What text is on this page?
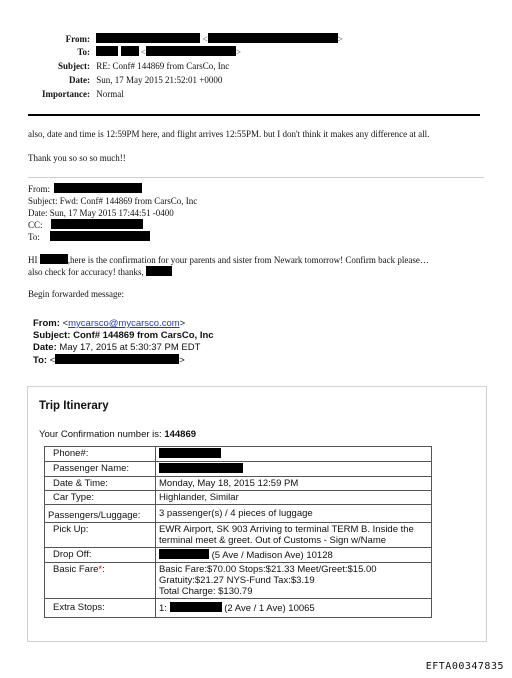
From:	<	>
To:	<	>
Subject: RE: Conf# 144869 from CarsCo, Inc
Date: Sun, 17 May 2015 21:52:01 +0000
Importance: Normal
also, date and time is 12:59PM here, and flight arrives 12:55PM. but I don't think it makes any difference at all.
Thank you so so so much!!
From:
Subject: Fwd: Conf# 144869 from CarsCo, Inc
Date: Sun, 17 May 2015 17:44:51 -0400
CC:
To:
HI	,here is the confirmation for your parents and sister from Newark tomorrow! Confirm back please…
also check for accuracy! thanks,
Begin forwarded message:
From: <mycarsco@mycarsco.com>
Subject: Conf# 144869 from CarsCo, Inc
Date: May 17, 2015 at 5:30:37 PM EDT
To: <	>
Trip Itinerary
Your Confirmation number is: 144869
Phone#:	
Passenger Name:	
Date & Time:	Monday, May 18, 2015 12:59 PM
Car Type:	Highlander, Similar
Passengers/Luggage:	3 passenger(s) / 4 pieces of luggage
Pick Up:	EWR Airport, SK 903 Arriving to terminal TERM B. Inside the
terminal meet & greet. Out of Customs - Sign w/Name

Drop Off:	(5 Ave / Madison Ave) 10128
Basic Fare*:	Basic Fare:$70.00 Stops:$21.33 Meet/Greet:$15.00
Gratuity:$21.27 NYS-Fund Tax:$3.19
Total Charge: $130.79

Extra Stops:	1: (2 Ave / 1 Ave) 10065
EFTA00347835
